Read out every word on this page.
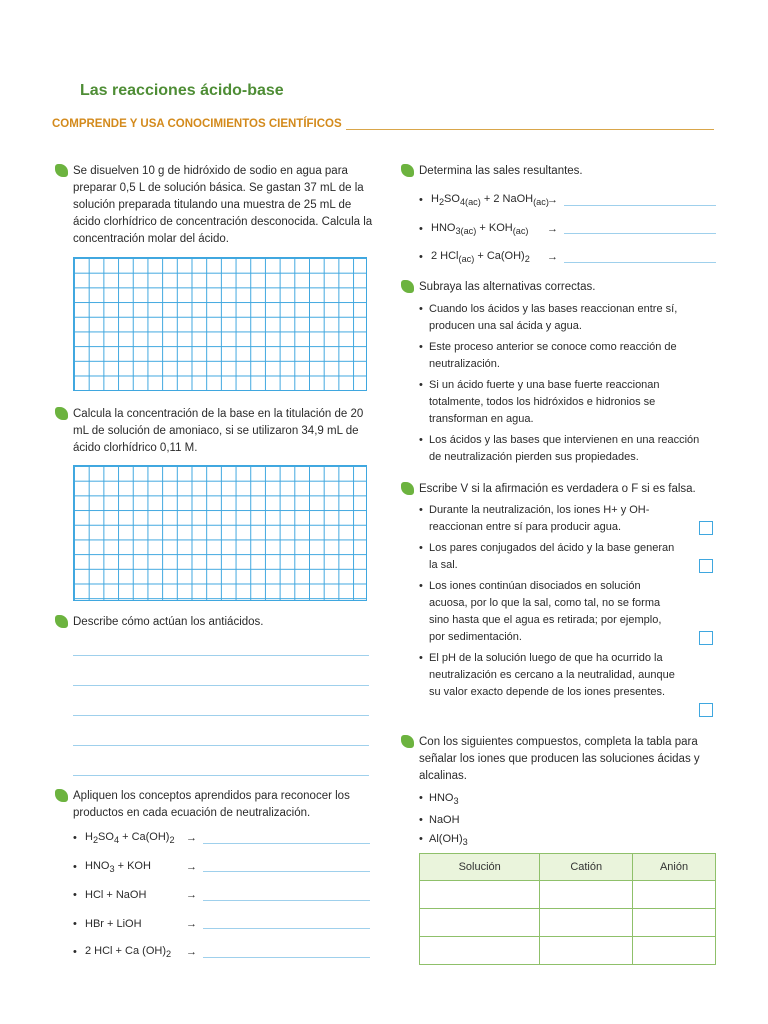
Las reacciones ácido-base
COMPRENDE Y USA CONOCIMIENTOS CIENTÍFICOS

Se disuelven 10 g de hidróxido de sodio en agua para preparar 0,5 L de solución básica. Se gastan 37 mL de la solución preparada titulando una muestra de 25 mL de ácido clorhídrico de concentración desconocida. Calcula la concentración molar del ácido.

Calcula la concentración de la base en la titulación de 20 mL de solución de amoniaco, si se utilizaron 34,9 mL de ácido clorhídrico 0,11 M.

Describe cómo actúan los antiácidos.

Apliquen los conceptos aprendidos para reconocer los productos en cada ecuación de neutralización.

• $H_2SO_4 + Ca(OH)_2$	→
• $HNO_3$ + KOH	→
• HCl + NaOH	→
• HBr + LiOH	→
• 2 HCl + Ca $(OH)_2$	→

Determina las sales resultantes.

• $H_2SO_{4(ac)} + 2$ NaOH$_{(ac)}$
→
• $HNO_{3(ac)} + KOH_{(ac)}$	→
• 2 $HCl_{(ac)} + Ca(OH)_2$	→

Subraya las alternativas correctas.

• Cuando los ácidos y las bases reaccionan entre sí, producen una sal ácida y agua.
• Este proceso anterior se conoce como reacción de neutralización.
• Si un ácido fuerte y una base fuerte reaccionan totalmente, todos los hidróxidos e hidronios se transforman en agua.
• Los ácidos y las bases que intervienen en una reacción de neutralización pierden sus propiedades.

Escribe V si la afirmación es verdadera o F si es falsa.

• Durante la neutralización, los iones H+ y OH- reaccionan entre sí para producir agua.
• Los pares conjugados del ácido y la base generan la sal.
• Los iones continúan disociados en solución acuosa, por lo que la sal, como tal, no se forma sino hasta que el agua es retirada; por ejemplo, por sedimentación.
• El pH de la solución luego de que ha ocurrido la neutralización es cercano a la neutralidad, aunque su valor exacto depende de los iones presentes.

Con los siguientes compuestos, completa la tabla para señalar los iones que producen las soluciones ácidas y alcalinas.

• $HNO_3$
• NaOH
• $Al(OH)_3$
Solución	Catión	Anión
